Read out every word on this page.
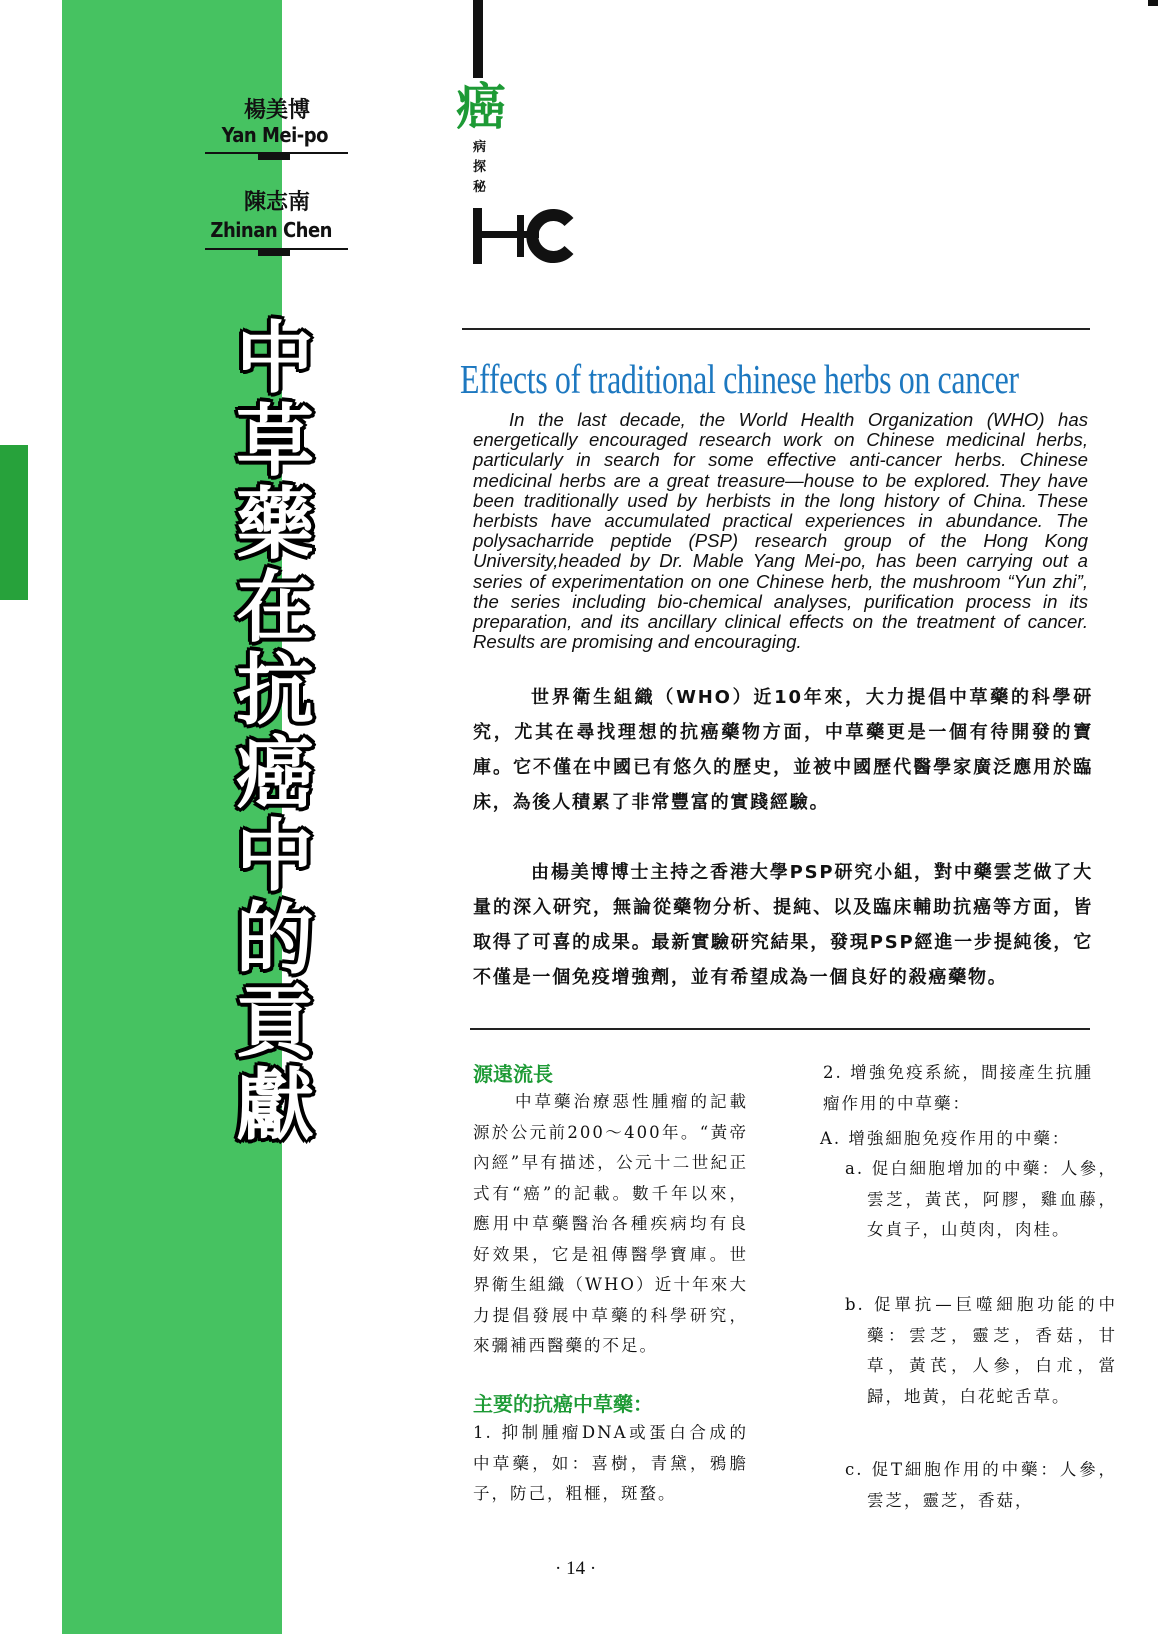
楊美博
Yan Mei-po
陳志南
Zhinan Chen
中
草
藥
在
抗
癌
中
的
貢
獻
癌
病
探
秘
Effects of traditional chinese herbs on cancer
In the last decade, the World Health Organization (WHO) has energetically encouraged research work on Chinese medicinal herbs, particularly in search for some effective anti-cancer herbs. Chinese medicinal herbs are a great treasure—house to be explored. They have been traditionally used by herbists in the long history of China. These herbists have accumulated practical experiences in abundance. The polysacharride peptide (PSP) research group of the Hong Kong University,headed by Dr. Mable Yang Mei-po, has been carrying out a series of experimentation on one Chinese herb, the mushroom “Yun zhi”, the series including bio-chemical analyses, purification process in its preparation, and its ancillary clinical effects on the treatment of cancer. Results are promising and encouraging.
世界衛生組織（WHO）近10年來，大力提倡中草藥的科學研究，尤其在尋找理想的抗癌藥物方面，中草藥更是一個有待開發的寶庫。它不僅在中國已有悠久的歷史，並被中國歷代醫學家廣泛應用於臨床，為後人積累了非常豐富的實踐經驗。
由楊美博博士主持之香港大學PSP研究小組，對中藥雲芝做了大量的深入研究，無論從藥物分析、提純、以及臨床輔助抗癌等方面，皆取得了可喜的成果。最新實驗研究結果，發現PSP經進一步提純後，它不僅是一個免疫增強劑，並有希望成為一個良好的殺癌藥物。
源遠流長
中草藥治療惡性腫瘤的記載源於公元前200～400年。“黃帝內經”早有描述，公元十二世紀正式有“癌”的記載。數千年以來，應用中草藥醫治各種疾病均有良好效果，它是祖傳醫學寶庫。世界衛生組織（WHO）近十年來大力提倡發展中草藥的科學研究，來彌補西醫藥的不足。
主要的抗癌中草藥：
1. 抑制腫瘤DNA或蛋白合成的中草藥，如：喜樹，青黛，鴉膽子，防己，粗榧，斑蝥。
2. 增強免疫系統，間接產生抗腫瘤作用的中草藥：
A. 增強細胞免疫作用的中藥：
a. 促白細胞增加的中藥：人參，雲芝，黃芪，阿膠，雞血藤，女貞子，山萸肉，肉桂。
b. 促單抗—巨噬細胞功能的中藥：雲芝，靈芝，香菇，甘草，黃芪，人參，白朮，當歸，地黃，白花蛇舌草。
c. 促T細胞作用的中藥：人參，雲芝，靈芝，香菇，
· 14 ·
